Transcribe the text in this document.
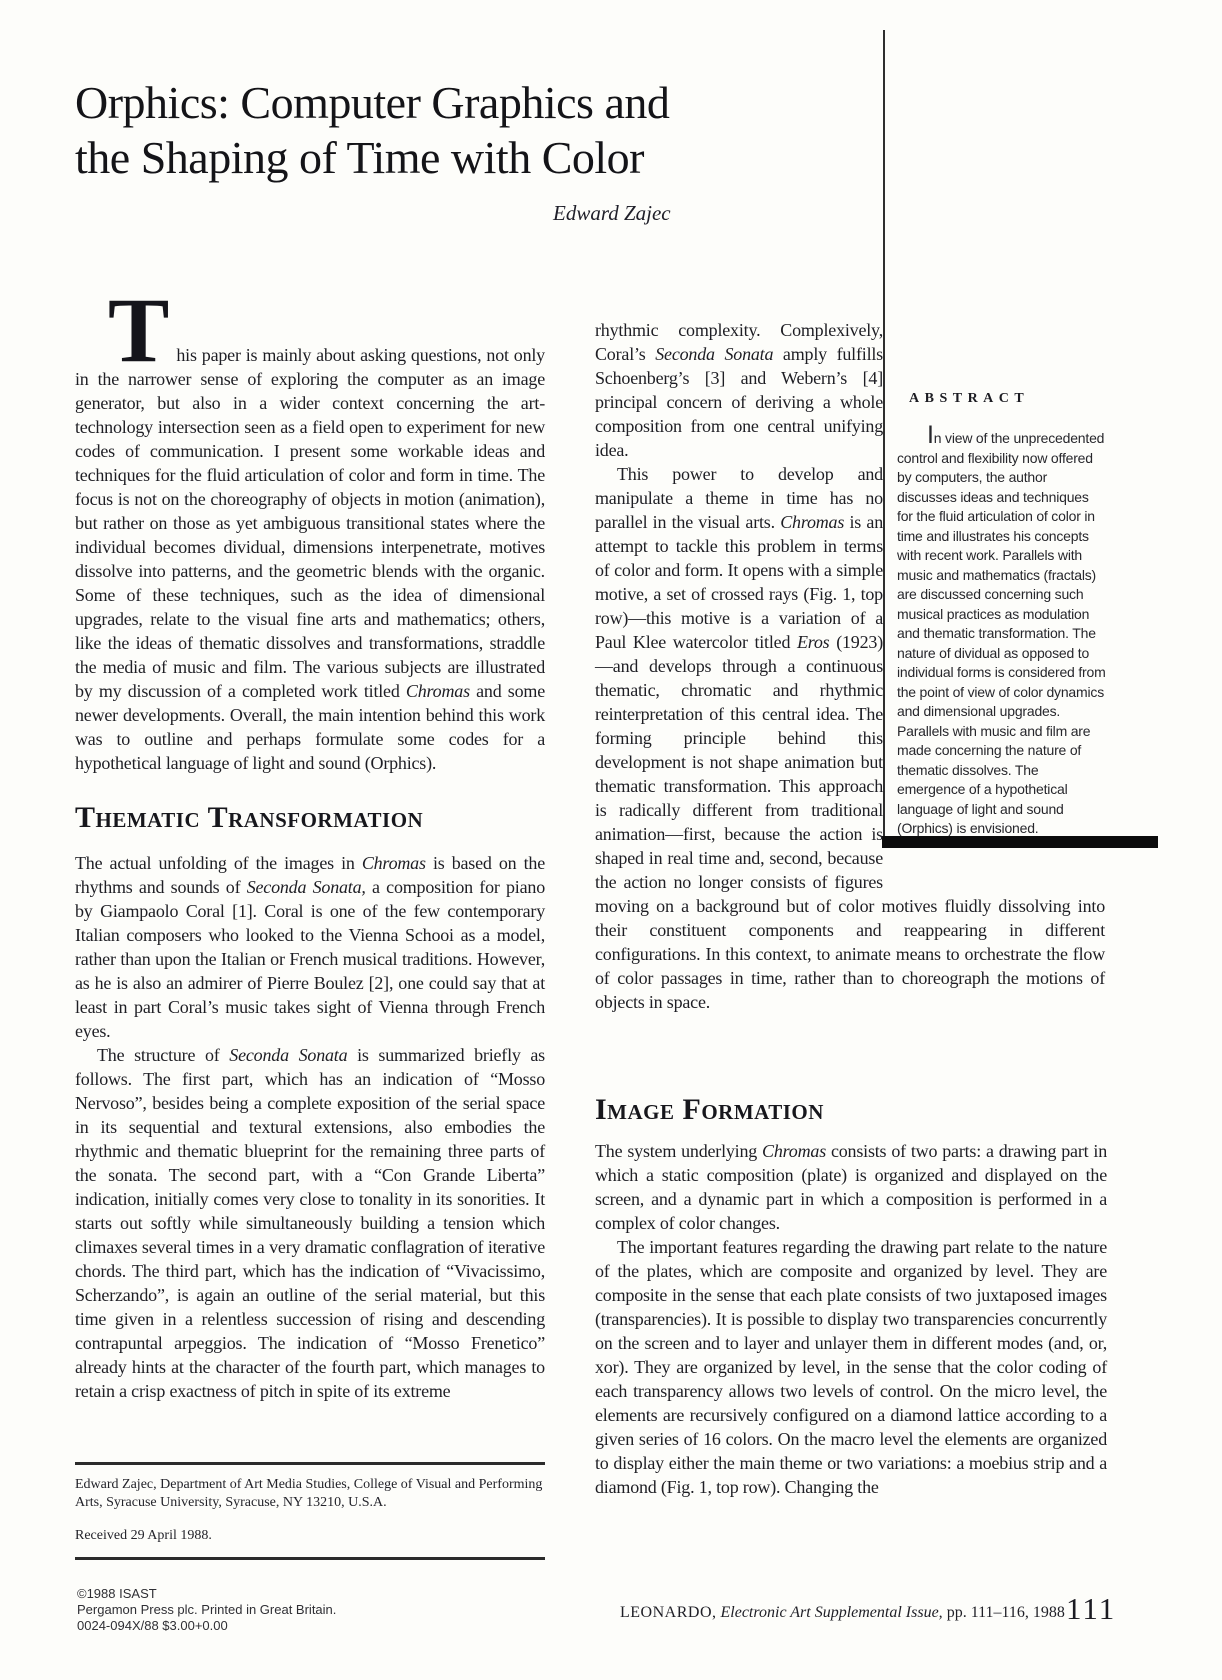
Orphics: Computer Graphics and
the Shaping of Time with Color
Edward Zajec
ABSTRACT

In view of the unprecedented control and flexibility now offered by computers, the author discusses ideas and techniques for the fluid articulation of color in time and illustrates his concepts with recent work. Parallels with music and mathematics (fractals) are discussed concerning such musical practices as modulation and thematic transformation. The nature of dividual as opposed to individual forms is considered from the point of view of color dynamics and dimensional upgrades. Parallels with music and film are made concerning the nature of thematic dissolves. The emergence of a hypothetical language of light and sound (Orphics) is envisioned.

This paper is mainly about asking questions, not only in the narrower sense of exploring the computer as an image generator, but also in a wider context concerning the art-technology intersection seen as a field open to experiment for new codes of communication. I present some workable ideas and techniques for the fluid articulation of color and form in time. The focus is not on the choreography of objects in motion (animation), but rather on those as yet ambiguous transitional states where the individual becomes dividual, dimensions interpenetrate, motives dissolve into patterns, and the geometric blends with the organic. Some of these techniques, such as the idea of dimensional upgrades, relate to the visual fine arts and mathematics; others, like the ideas of thematic dissolves and transformations, straddle the media of music and film. The various subjects are illustrated by my discussion of a completed work titled Chromas and some newer developments. Overall, the main intention behind this work was to outline and perhaps formulate some codes for a hypothetical language of light and sound (Orphics).

Thematic Transformation

The actual unfolding of the images in Chromas is based on the rhythms and sounds of Seconda Sonata, a composition for piano by Giampaolo Coral [1]. Coral is one of the few contemporary Italian composers who looked to the Vienna Schooi as a model, rather than upon the Italian or French musical traditions. However, as he is also an admirer of Pierre Boulez [2], one could say that at least in part Coral’s music takes sight of Vienna through French eyes.

The structure of Seconda Sonata is summarized briefly as follows. The first part, which has an indication of “Mosso Nervoso”, besides being a complete exposition of the serial space in its sequential and textural extensions, also embodies the rhythmic and thematic blueprint for the remaining three parts of the sonata. The second part, with a “Con Grande Liberta” indication, initially comes very close to tonality in its sonorities. It starts out softly while simultaneously building a tension which climaxes several times in a very dramatic conflagration of iterative chords. The third part, which has the indication of “Vivacissimo, Scherzando”, is again an outline of the serial material, but this time given in a relentless succession of rising and descending contrapuntal arpeggios. The indication of “Mosso Frenetico” already hints at the character of the fourth part, which manages to retain a crisp exactness of pitch in spite of its extreme

rhythmic complexity. Complexively, Coral’s Seconda Sonata amply fulfills Schoenberg’s [3] and Webern’s [4] principal concern of deriving a whole composition from one central unifying idea.

This power to develop and manipulate a theme in time has no parallel in the visual arts. Chromas is an attempt to tackle this problem in terms of color and form. It opens with a simple motive, a set of crossed rays (Fig. 1, top row)—this motive is a variation of a Paul Klee watercolor titled Eros (1923)—and develops through a continuous thematic, chromatic and rhythmic reinterpretation of this central idea. The forming principle behind this development is not shape animation but thematic transformation. This approach is radically different from traditional animation—first, because the action is shaped in real time and, second, because the action no longer consists of figures moving on a background but of color motives fluidly dissolving into their constituent components and reappearing in different configurations. In this context, to animate means to orchestrate the flow of color passages in time, rather than to choreograph the motions of objects in space.

Image Formation

The system underlying Chromas consists of two parts: a drawing part in which a static composition (plate) is organized and displayed on the screen, and a dynamic part in which a composition is performed in a complex of color changes.

The important features regarding the drawing part relate to the nature of the plates, which are composite and organized by level. They are composite in the sense that each plate consists of two juxtaposed images (transparencies). It is possible to display two transparencies concurrently on the screen and to layer and unlayer them in different modes (and, or, xor). They are organized by level, in the sense that the color coding of each transparency allows two levels of control. On the micro level, the elements are recursively configured on a diamond lattice according to a given series of 16 colors. On the macro level the elements are organized to display either the main theme or two variations: a moebius strip and a diamond (Fig. 1, top row). Changing the

Edward Zajec, Department of Art Media Studies, College of Visual and Performing Arts, Syracuse University, Syracuse, NY 13210, U.S.A.

Received 29 April 1988.

©1988 ISAST
Pergamon Press plc. Printed in Great Britain.
0024-094X/88 $3.00+0.00
LEONARDO, Electronic Art Supplemental Issue, pp. 111–116, 1988 111
